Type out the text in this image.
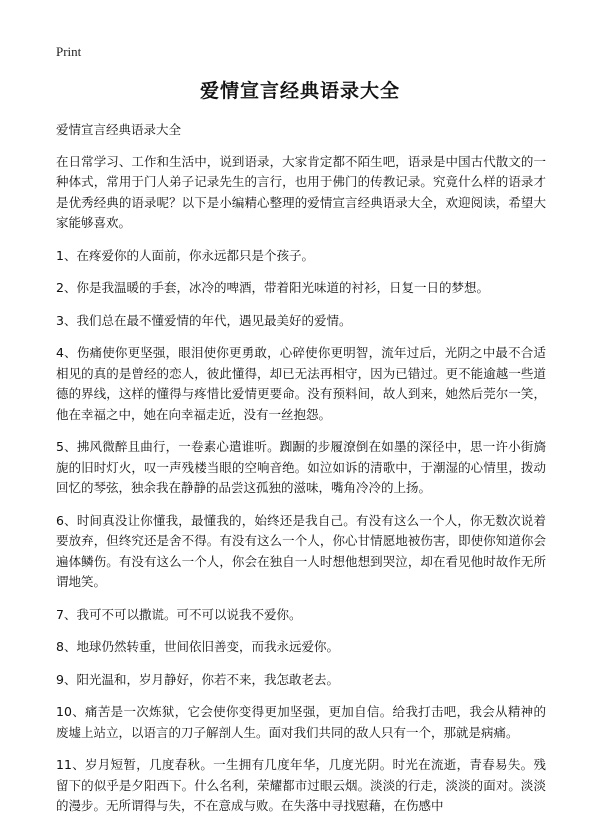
Print
爱情宣言经典语录大全

爱情宣言经典语录大全

在日常学习、工作和生活中，说到语录，大家肯定都不陌生吧，语录是中国古代散文的一种体式，常用于门人弟子记录先生的言行，也用于佛门的传教记录。究竟什么样的语录才是优秀经典的语录呢？以下是小编精心整理的爱情宣言经典语录大全，欢迎阅读，希望大家能够喜欢。

1、在疼爱你的人面前，你永远都只是个孩子。

2、你是我温暖的手套，冰冷的啤酒，带着阳光味道的衬衫，日复一日的梦想。

3、我们总在最不懂爱情的年代，遇见最美好的爱情。

4、伤痛使你更坚强，眼泪使你更勇敢，心碎使你更明智，流年过后，光阴之中最不合适相见的真的是曾经的恋人，彼此懂得，却已无法再相守，因为已错过。更不能逾越一些道德的界线，这样的懂得与疼惜比爱情更要命。没有预料间，故人到来，她然后莞尔一笑，他在幸福之中，她在向幸福走近，没有一丝抱怨。

5、拂风微醉且曲行，一卷素心遣谁听。踟蹰的步履潦倒在如墨的深径中，思一许小街旖旎的旧时灯火，叹一声残楼当眼的空响音绝。如泣如诉的清歌中，于潮湿的心情里，拨动回忆的琴弦，独余我在静静的品尝这孤独的滋味，嘴角冷冷的上扬。

6、时间真没让你懂我，最懂我的，始终还是我自己。有没有这么一个人，你无数次说着要放弃，但终究还是舍不得。有没有这么一个人，你心甘情愿地被伤害，即使你知道你会遍体鳞伤。有没有这么一个人，你会在独自一人时想他想到哭泣，却在看见他时故作无所谓地笑。

7、我可不可以撒谎。可不可以说我不爱你。

8、地球仍然转重，世间依旧善变，而我永远爱你。

9、阳光温和，岁月静好，你若不来，我怎敢老去。

10、痛苦是一次炼狱，它会使你变得更加坚强，更加自信。给我打击吧，我会从精神的废墟上站立，以语言的刀子解剖人生。面对我们共同的敌人只有一个，那就是病痛。

11、岁月短暂，几度春秋。一生拥有几度年华，几度光阴。时光在流逝，青春易失。残留下的似乎是夕阳西下。什么名利，荣耀都市过眼云烟。淡淡的行走，淡淡的面对。淡淡的漫步。无所谓得与失，不在意成与败。在失落中寻找慰藉，在伤感中
